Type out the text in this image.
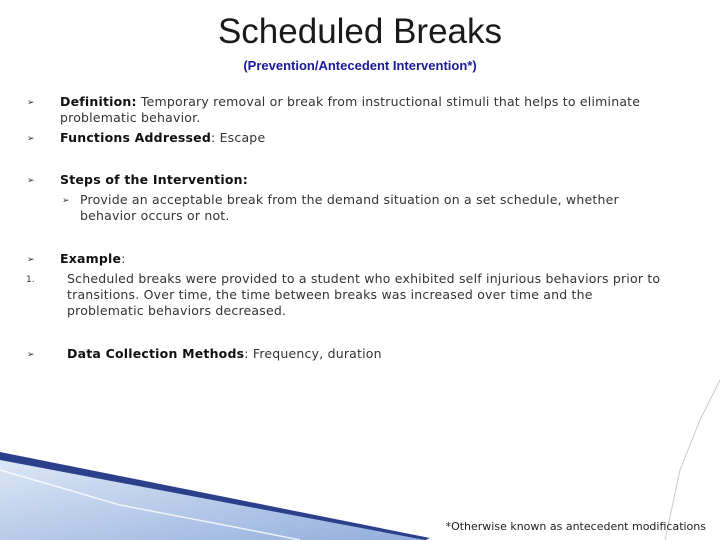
Scheduled Breaks
(Prevention/Antecedent Intervention*)
➢ Definition: Temporary removal or break from instructional stimuli that helps to eliminate
problematic behavior.
➢ Functions Addressed: Escape
➢ Steps of the Intervention:
➢ Provide an acceptable break from the demand situation on a set schedule, whether
behavior occurs or not.
➢ Example:
1.	Scheduled breaks were provided to a student who exhibited self injurious behaviors prior to
transitions. Over time, the time between breaks was increased over time and the
problematic behaviors decreased.
➢	Data Collection Methods: Frequency, duration
*Otherwise known as antecedent modifications
